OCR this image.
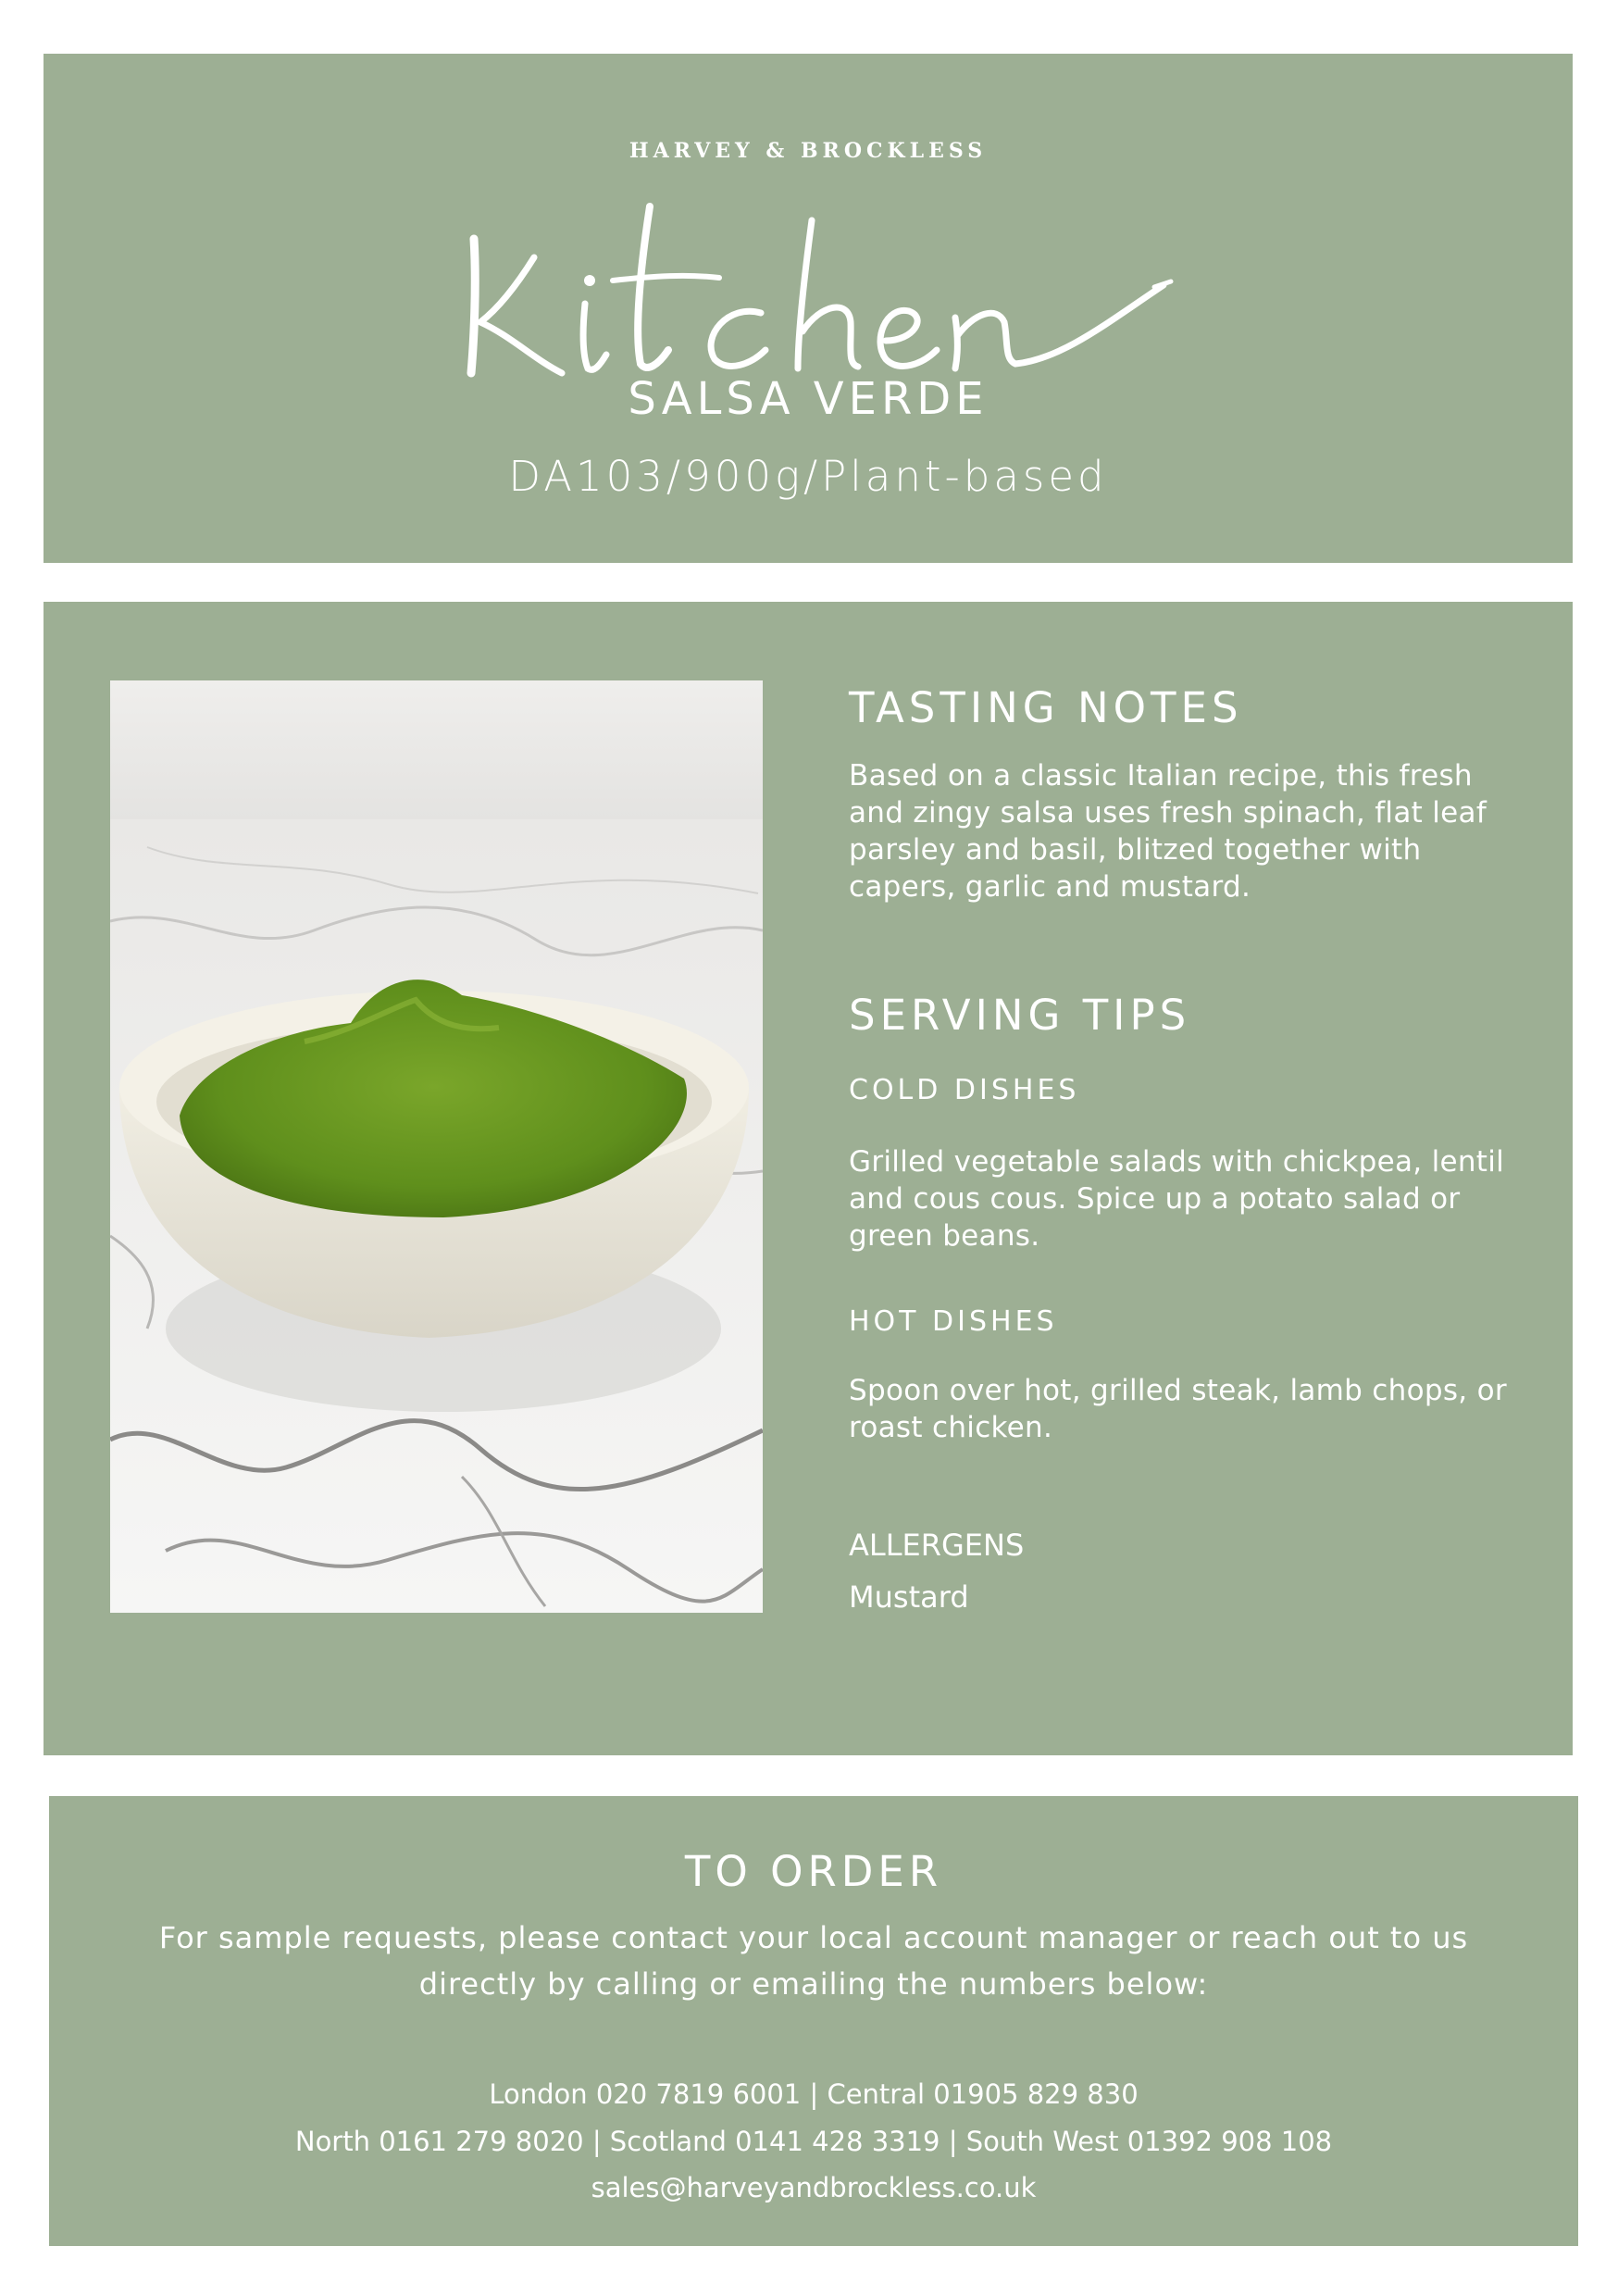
HARVEY & BROCKLESS
SALSA VERDE
DA103/900g/Plant-based
TASTING NOTES
Based on a classic Italian recipe, this fresh and zingy salsa uses fresh spinach, flat leaf parsley and basil, blitzed together with capers, garlic and mustard.
SERVING TIPS
COLD DISHES
Grilled vegetable salads with chickpea, lentil and cous cous. Spice up a potato salad or green beans.
HOT DISHES
Spoon over hot, grilled steak, lamb chops, or roast chicken.
ALLERGENS
Mustard
TO ORDER
For sample requests, please contact your local account manager or reach out to us directly by calling or emailing the numbers below:
London 020 7819 6001 | Central 01905 829 830
North 0161 279 8020 | Scotland 0141 428 3319 | South West 01392 908 108
sales@harveyandbrockless.co.uk
